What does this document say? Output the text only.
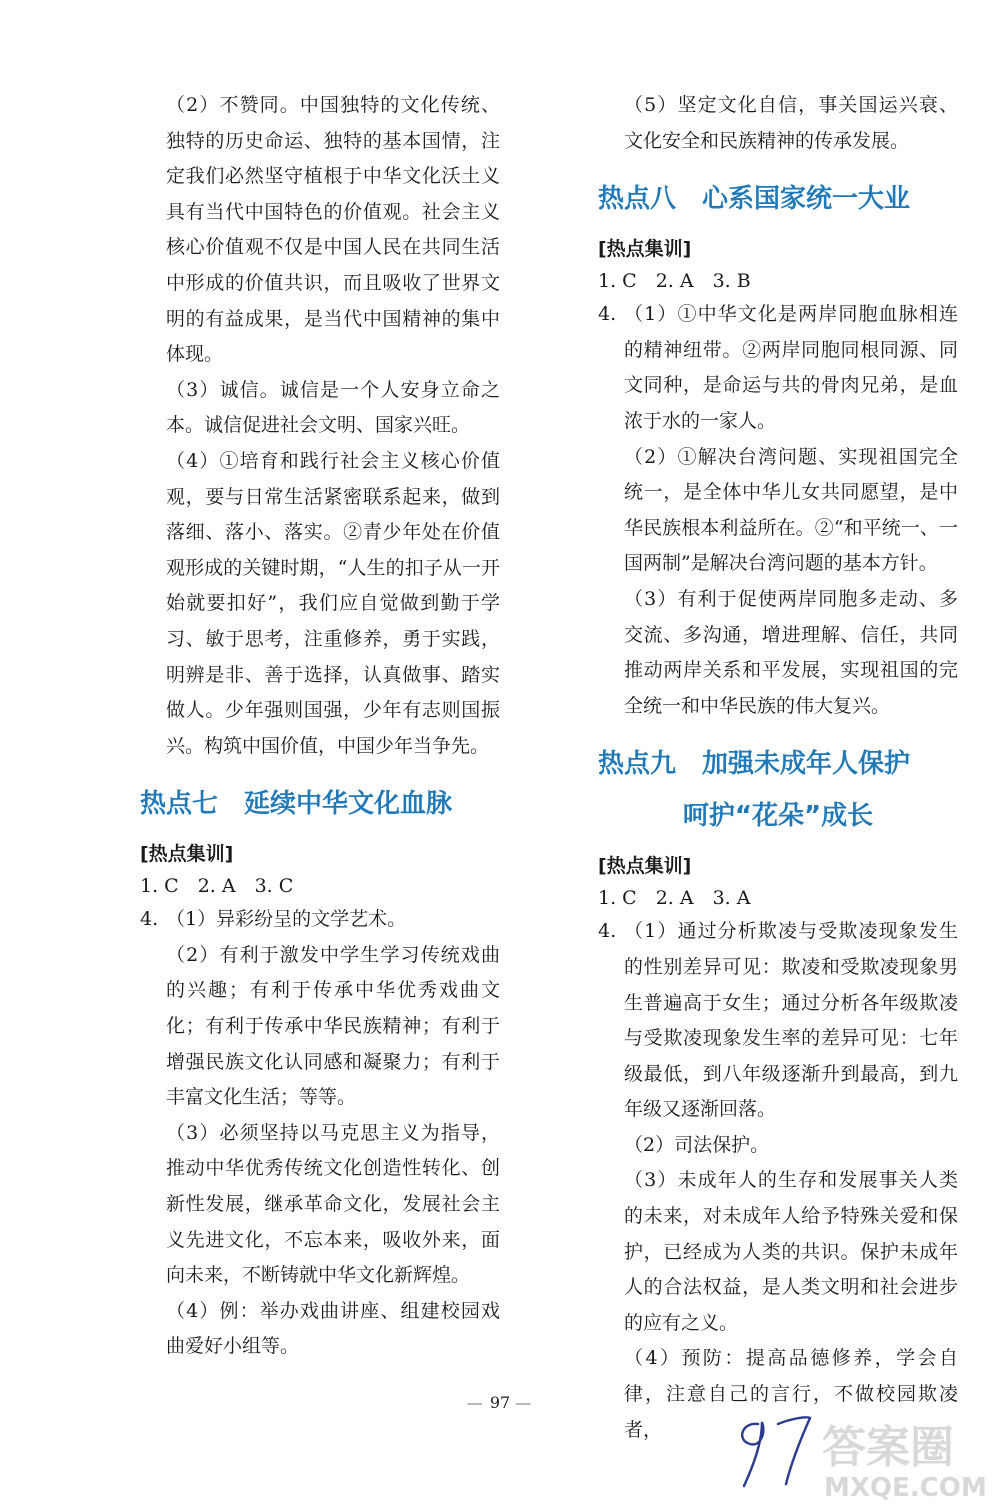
（2）不赞同。中国独特的文化传统、独特的历史命运、独特的基本国情，注定我们必然坚守植根于中华文化沃土义具有当代中国特色的价值观。社会主义核心价值观不仅是中国人民在共同生活中形成的价值共识，而且吸收了世界文明的有益成果，是当代中国精神的集中体现。

（3）诚信。诚信是一个人安身立命之本。诚信促进社会文明、国家兴旺。

（4）①培育和践行社会主义核心价值观，要与日常生活紧密联系起来，做到落细、落小、落实。②青少年处在价值观形成的关键时期，“人生的扣子从一开始就要扣好”，我们应自觉做到勤于学习、敏于思考，注重修养，勇于实践，明辨是非、善于选择，认真做事、踏实做人。少年强则国强，少年有志则国振兴。构筑中国价值，中国少年当争先。

热点七　延续中华文化血脉

[热点集训]

1. C　2. A　3. C

4. （1）异彩纷呈的文学艺术。

（2）有利于激发中学生学习传统戏曲的兴趣；有利于传承中华优秀戏曲文化；有利于传承中华民族精神；有利于增强民族文化认同感和凝聚力；有利于丰富文化生活；等等。

（3）必须坚持以马克思主义为指导，推动中华优秀传统文化创造性转化、创新性发展，继承革命文化，发展社会主义先进文化，不忘本来，吸收外来，面向未来，不断铸就中华文化新辉煌。

（4）例：举办戏曲讲座、组建校园戏曲爱好小组等。

（5）坚定文化自信，事关国运兴衰、文化安全和民族精神的传承发展。

热点八　心系国家统一大业

[热点集训]

1. C　2. A　3. B

4. （1）①中华文化是两岸同胞血脉相连的精神纽带。②两岸同胞同根同源、同文同种，是命运与共的骨肉兄弟，是血浓于水的一家人。

（2）①解决台湾问题、实现祖国完全统一，是全体中华儿女共同愿望，是中华民族根本利益所在。②“和平统一、一国两制”是解决台湾问题的基本方针。

（3）有利于促使两岸同胞多走动、多交流、多沟通，增进理解、信任，共同推动两岸关系和平发展，实现祖国的完全统一和中华民族的伟大复兴。

热点九　加强未成年人保护
呵护“花朵”成长

[热点集训]

1. C　2. A　3. A

4. （1）通过分析欺凌与受欺凌现象发生的性别差异可见：欺凌和受欺凌现象男生普遍高于女生；通过分析各年级欺凌与受欺凌现象发生率的差异可见：七年级最低，到八年级逐渐升到最高，到九年级又逐渐回落。

（2）司法保护。

（3）未成年人的生存和发展事关人类的未来，对未成年人给予特殊关爱和保护，已经成为人类的共识。保护未成年人的合法权益，是人类文明和社会进步的应有之义。

（4）预防：提高品德修养，学会自律，注意自己的言行，不做校园欺凌者，

— 97 —
答案圈
MXQE.COM
